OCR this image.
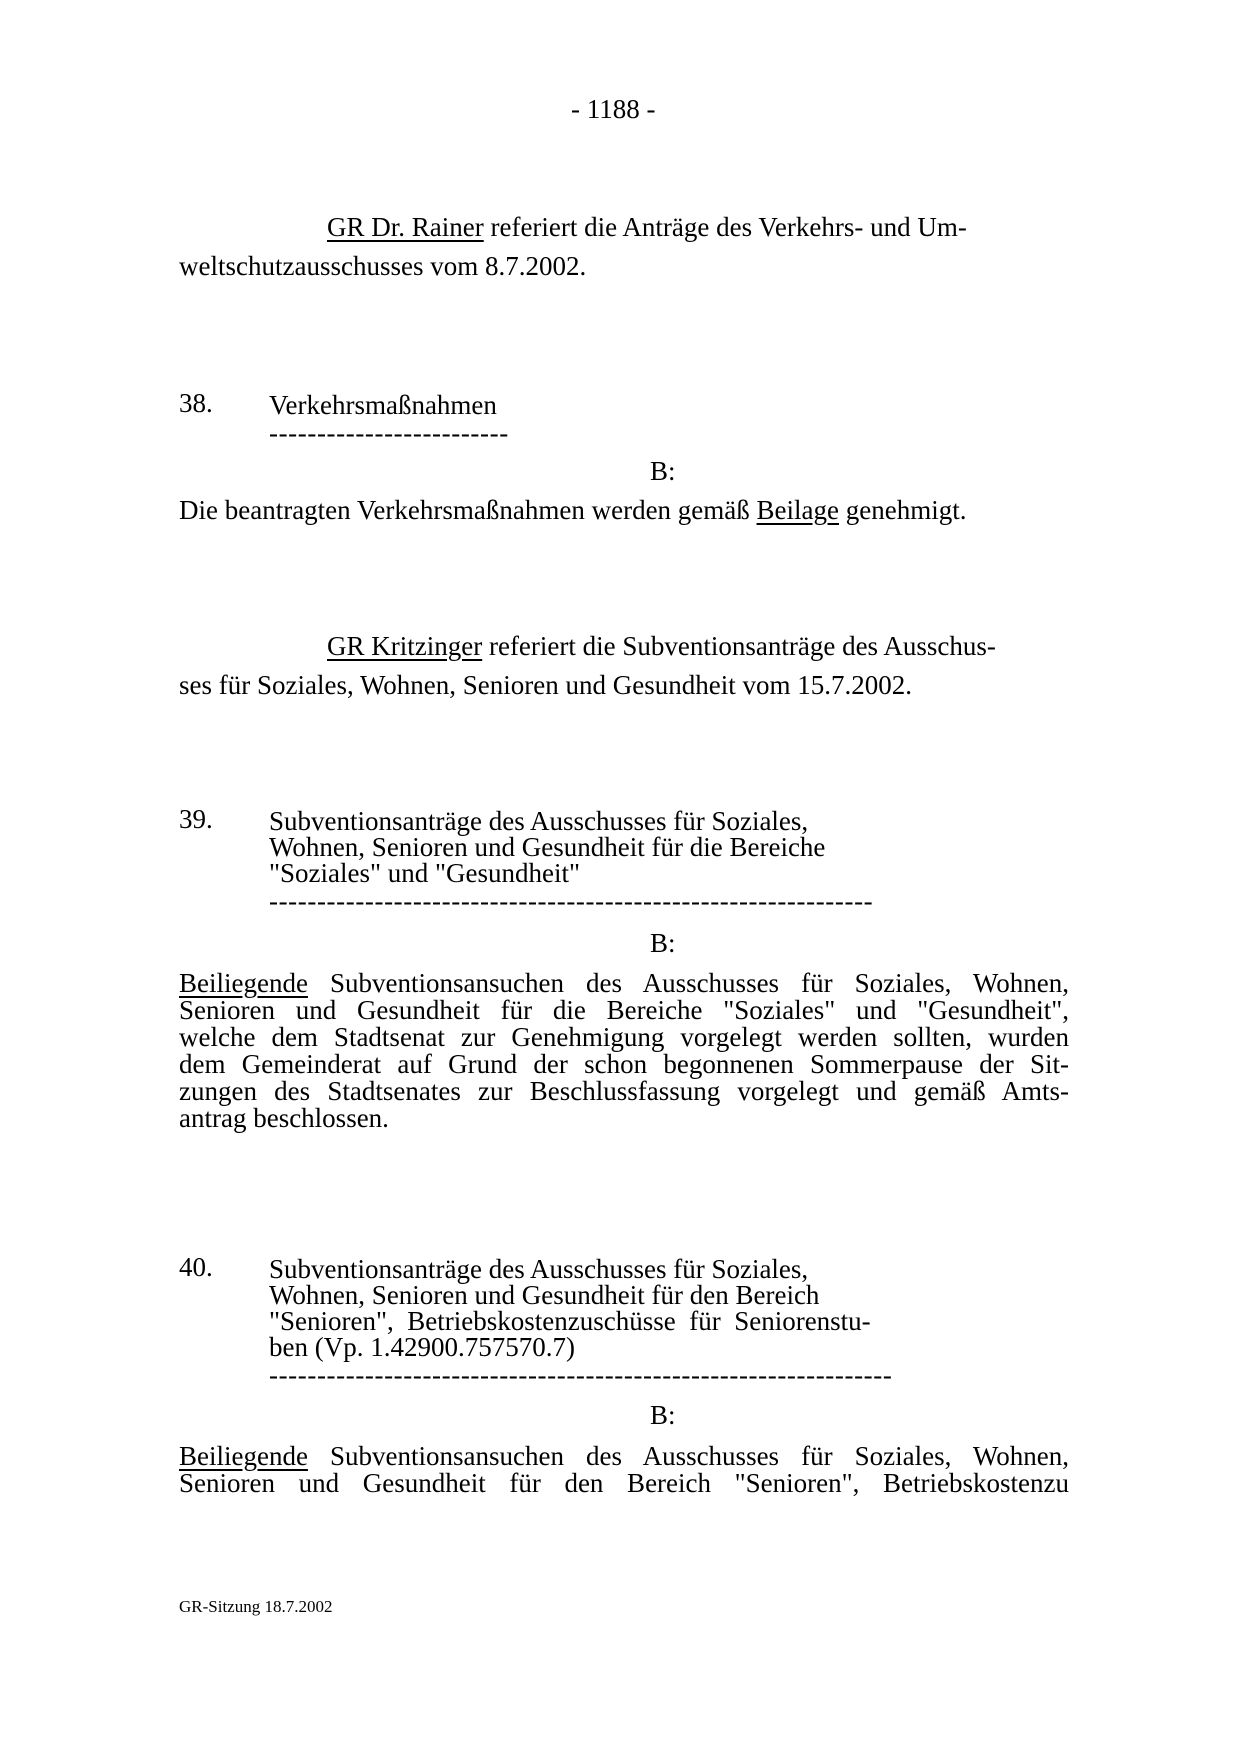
- 1188 -

GR Dr. Rainer referiert die Anträge des Verkehrs- und Um-

weltschutzausschusses vom 8.7.2002.

38. Verkehrsmaßnahmen
-------------------------
B:
Die beantragten Verkehrsmaßnahmen werden gemäß Beilage genehmigt.

GR Kritzinger referiert die Subventionsanträge des Ausschus-

ses für Soziales, Wohnen, Senioren und Gesundheit vom 15.7.2002.

39. Subventionsanträge des Ausschusses für Soziales,
Wohnen, Senioren und Gesundheit für die Bereiche
"Soziales" und "Gesundheit"
---------------------------------------------------------------
B:

Beiliegende Subventionsansuchen des Ausschusses für Soziales, Wohnen,

Senioren und Gesundheit für die Bereiche "Soziales" und "Gesundheit",

welche dem Stadtsenat zur Genehmigung vorgelegt werden sollten, wurden

dem Gemeinderat auf Grund der schon begonnenen Sommerpause der Sit-

zungen des Stadtsenates zur Beschlussfassung vorgelegt und gemäß Amts-

antrag beschlossen.

40. Subventionsanträge des Ausschusses für Soziales,
Wohnen, Senioren und Gesundheit für den Bereich
"Senioren",  Betriebskostenzuschüsse  für  Seniorenstu-
ben (Vp. 1.42900.757570.7)
-----------------------------------------------------------------
B:

Beiliegende Subventionsansuchen des Ausschusses für Soziales, Wohnen,

Senioren und Gesundheit für den Bereich "Senioren", Betriebskostenzu

GR-Sitzung 18.7.2002
